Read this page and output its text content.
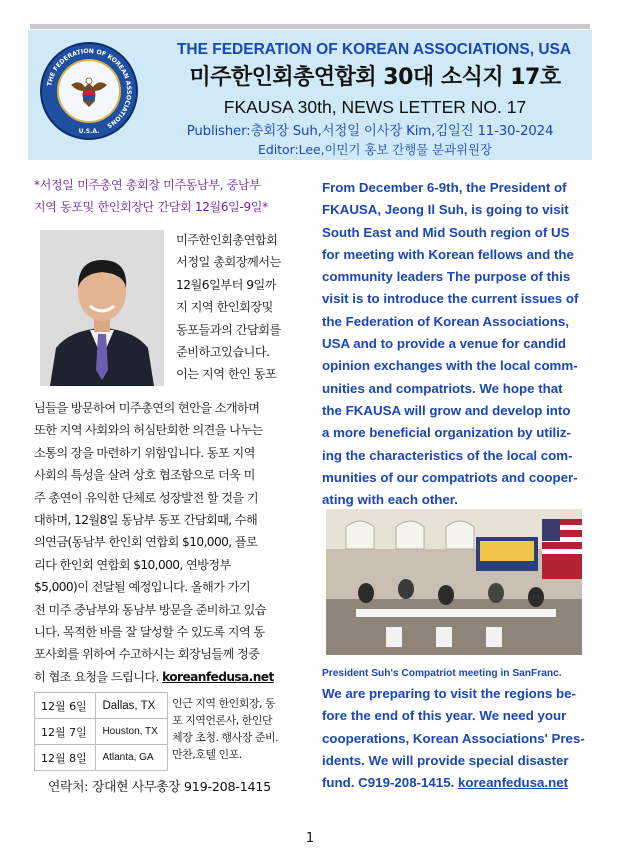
THE FEDERATION OF KOREAN ASSOCIATIONS
U.S.A.
THE FEDERATION OF KOREAN ASSOCIATIONS, USA
미주한인회총연합회 30대 소식지 17호
FKAUSA 30th, NEWS LETTER NO. 17
Publisher:총회장 Suh,서정일 이사장 Kim,김일진 11-30-2024
Editor:Lee,이민기 홍보 간행물 분과위원장
*서정일 미주총연 총회장 미주동남부, 중남부
지역 동포및 한인회장단 간담회 12월6일-9일*
미주한인회총연합회
서정일 총회장께서는
12월6일부터 9일까
지 지역 한인회장및
동포들과의 간담회를
준비하고있습니다.
이는 지역 한인 동포
님들을 방문하여 미주총연의 현안을 소개하며
또한 지역 사회와의 허심탄회한 의견을 나누는
소통의 장을 마련하기 위함입니다. 동포 지역
사회의 특성을 살려 상호 협조함으로 더욱 미
주 총연이 유익한 단체로 성장발전 할 것을 기
대하며, 12월8일 동남부 동포 간담회때, 수해
의연금(동남부 한인회 연합회 $10,000, 플로
리다 한인회 연합회 $10,000, 연방정부
$5,000)이 전달될 예정입니다. 올해가 가기
전 미주 중남부와 동남부 방문을 준비하고 있습
니다. 목적한 바를 잘 달성할 수 있도록 지역 동
포사회를 위하여 수고하시는 회장님들께 정중
히 협조 요청을 드립니다. koreanfedusa.net
12월 6일	Dallas, TX
12월 7일	Houston, TX
12월 8일	Atlanta, GA
인근 지역 한인회장, 동
포 지역언론사, 한인단
체장 초청. 행사장 준비.
만찬,호텔 인포.
연락처: 장대현 사무총장 919-208-1415
From December 6-9th, the President of
FKAUSA, Jeong Il Suh, is going to visit
South East and Mid South region of US
for meeting with Korean fellows and the
community leaders The purpose of this
visit is to introduce the current issues of
the Federation of Korean Associations,
USA and to provide a venue for candid
opinion exchanges with the local comm-
unities and compatriots. We hope that
the FKAUSA will grow and develop into
a more beneficial organization by utiliz-
ing the characteristics of the local com-
munities of our compatriots and cooper-
ating with each other.
President Suh's Compatriot meeting in SanFranc.
We are preparing to visit the regions be-
fore the end of this year. We need your
cooperations, Korean Associations' Pres-
idents. We will provide special disaster
fund. C919-208-1415. koreanfedusa.net
1
